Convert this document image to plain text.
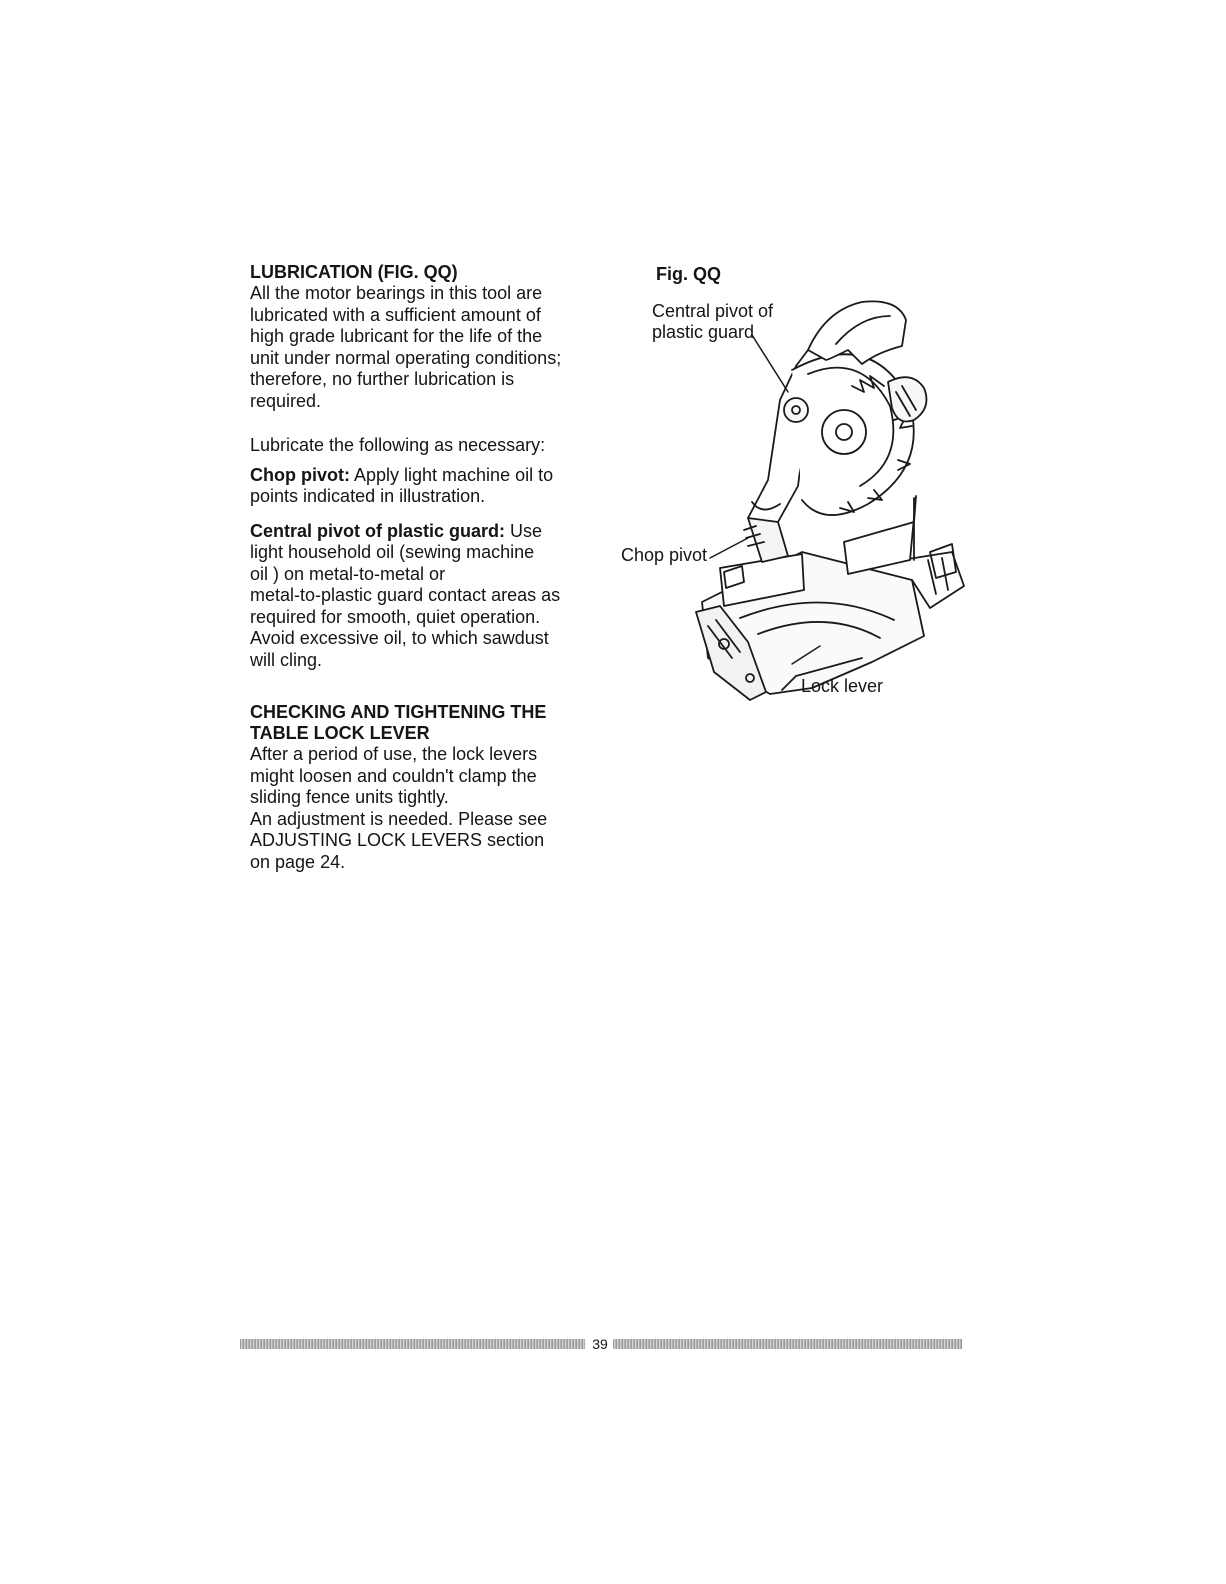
LUBRICATION (FIG. QQ)

All the motor bearings in this tool are

lubricated with a sufficient amount of

high grade lubricant for the life of the

unit under normal operating conditions;

therefore, no further lubrication is

required.

Lubricate the following as necessary:

Chop pivot: Apply light machine oil to

points indicated in illustration.

Central pivot of plastic guard: Use

light household oil (sewing machine

oil ) on metal-to-metal or

metal-to-plastic guard contact areas as

required for smooth, quiet operation.

Avoid excessive oil, to which sawdust

will cling.

CHECKING AND TIGHTENING THE

TABLE LOCK LEVER

After a period of use, the lock levers

might loosen and couldn't clamp the

sliding fence units tightly.

An adjustment is needed. Please see

ADJUSTING LOCK LEVERS section

on page 24.

Fig. QQ

Central pivot of
plastic guard

Chop pivot

Lock lever

39
